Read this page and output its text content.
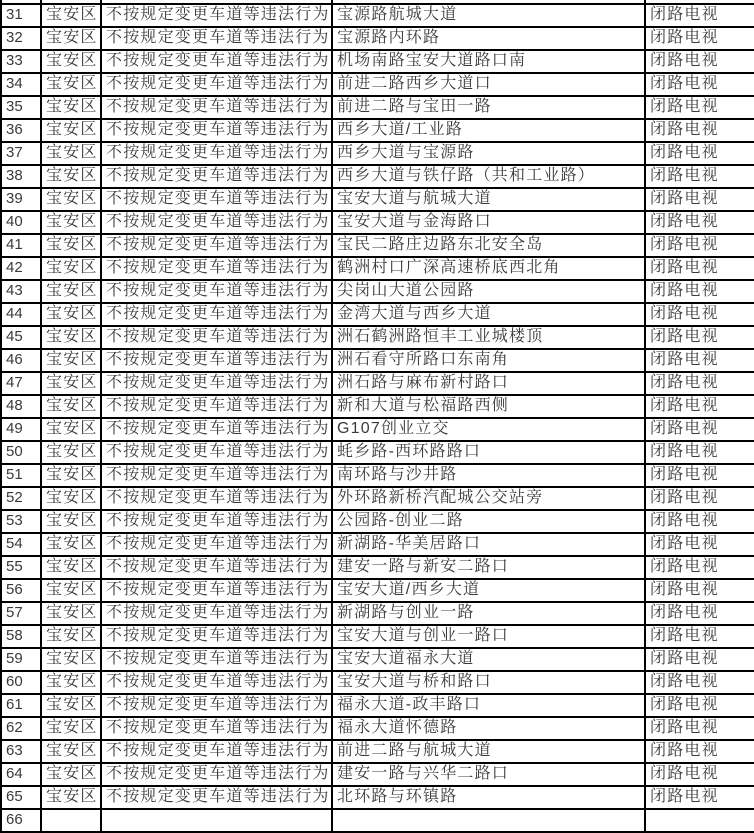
31	宝安区 不按规定变更车道等违法行为 宝源路航城大道	闭路电视
32	宝安区 不按规定变更车道等违法行为 宝源路内环路	闭路电视
33	宝安区 不按规定变更车道等违法行为 机场南路宝安大道路口南	闭路电视
34	宝安区 不按规定变更车道等违法行为 前进二路西乡大道口	闭路电视
35	宝安区 不按规定变更车道等违法行为 前进二路与宝田一路	闭路电视
36	宝安区 不按规定变更车道等违法行为 西乡大道/工业路	闭路电视
37	宝安区 不按规定变更车道等违法行为 西乡大道与宝源路	闭路电视
38	宝安区 不按规定变更车道等违法行为 西乡大道与铁仔路（共和工业路）	闭路电视
39	宝安区 不按规定变更车道等违法行为 宝安大道与航城大道	闭路电视
40	宝安区 不按规定变更车道等违法行为 宝安大道与金海路口	闭路电视
41	宝安区 不按规定变更车道等违法行为 宝民二路庄边路东北安全岛	闭路电视
42	宝安区 不按规定变更车道等违法行为 鹤洲村口广深高速桥底西北角	闭路电视
43	宝安区 不按规定变更车道等违法行为 尖岗山大道公园路	闭路电视
44	宝安区 不按规定变更车道等违法行为 金湾大道与西乡大道	闭路电视
45	宝安区 不按规定变更车道等违法行为 洲石鹤洲路恒丰工业城楼顶	闭路电视
46	宝安区 不按规定变更车道等违法行为 洲石看守所路口东南角	闭路电视
47	宝安区 不按规定变更车道等违法行为 洲石路与麻布新村路口	闭路电视
48	宝安区 不按规定变更车道等违法行为 新和大道与松福路西侧	闭路电视
49	宝安区 不按规定变更车道等违法行为 G107创业立交	闭路电视
50	宝安区 不按规定变更车道等违法行为 蚝乡路-西环路路口	闭路电视
51	宝安区 不按规定变更车道等违法行为 南环路与沙井路	闭路电视
52	宝安区 不按规定变更车道等违法行为 外环路新桥汽配城公交站旁	闭路电视
53	宝安区 不按规定变更车道等违法行为 公园路-创业二路	闭路电视
54	宝安区 不按规定变更车道等违法行为 新湖路-华美居路口	闭路电视
55	宝安区 不按规定变更车道等违法行为 建安一路与新安二路口	闭路电视
56	宝安区 不按规定变更车道等违法行为 宝安大道/西乡大道	闭路电视
57	宝安区 不按规定变更车道等违法行为 新湖路与创业一路	闭路电视
58	宝安区 不按规定变更车道等违法行为 宝安大道与创业一路口	闭路电视
59	宝安区 不按规定变更车道等违法行为 宝安大道福永大道	闭路电视
60	宝安区 不按规定变更车道等违法行为 宝安大道与桥和路口	闭路电视
61	宝安区 不按规定变更车道等违法行为 福永大道-政丰路口	闭路电视
62	宝安区 不按规定变更车道等违法行为 福永大道怀德路	闭路电视
63	宝安区 不按规定变更车道等违法行为 前进二路与航城大道	闭路电视
64	宝安区 不按规定变更车道等违法行为 建安一路与兴华二路口	闭路电视
65	宝安区 不按规定变更车道等违法行为 北环路与环镇路	闭路电视
66
